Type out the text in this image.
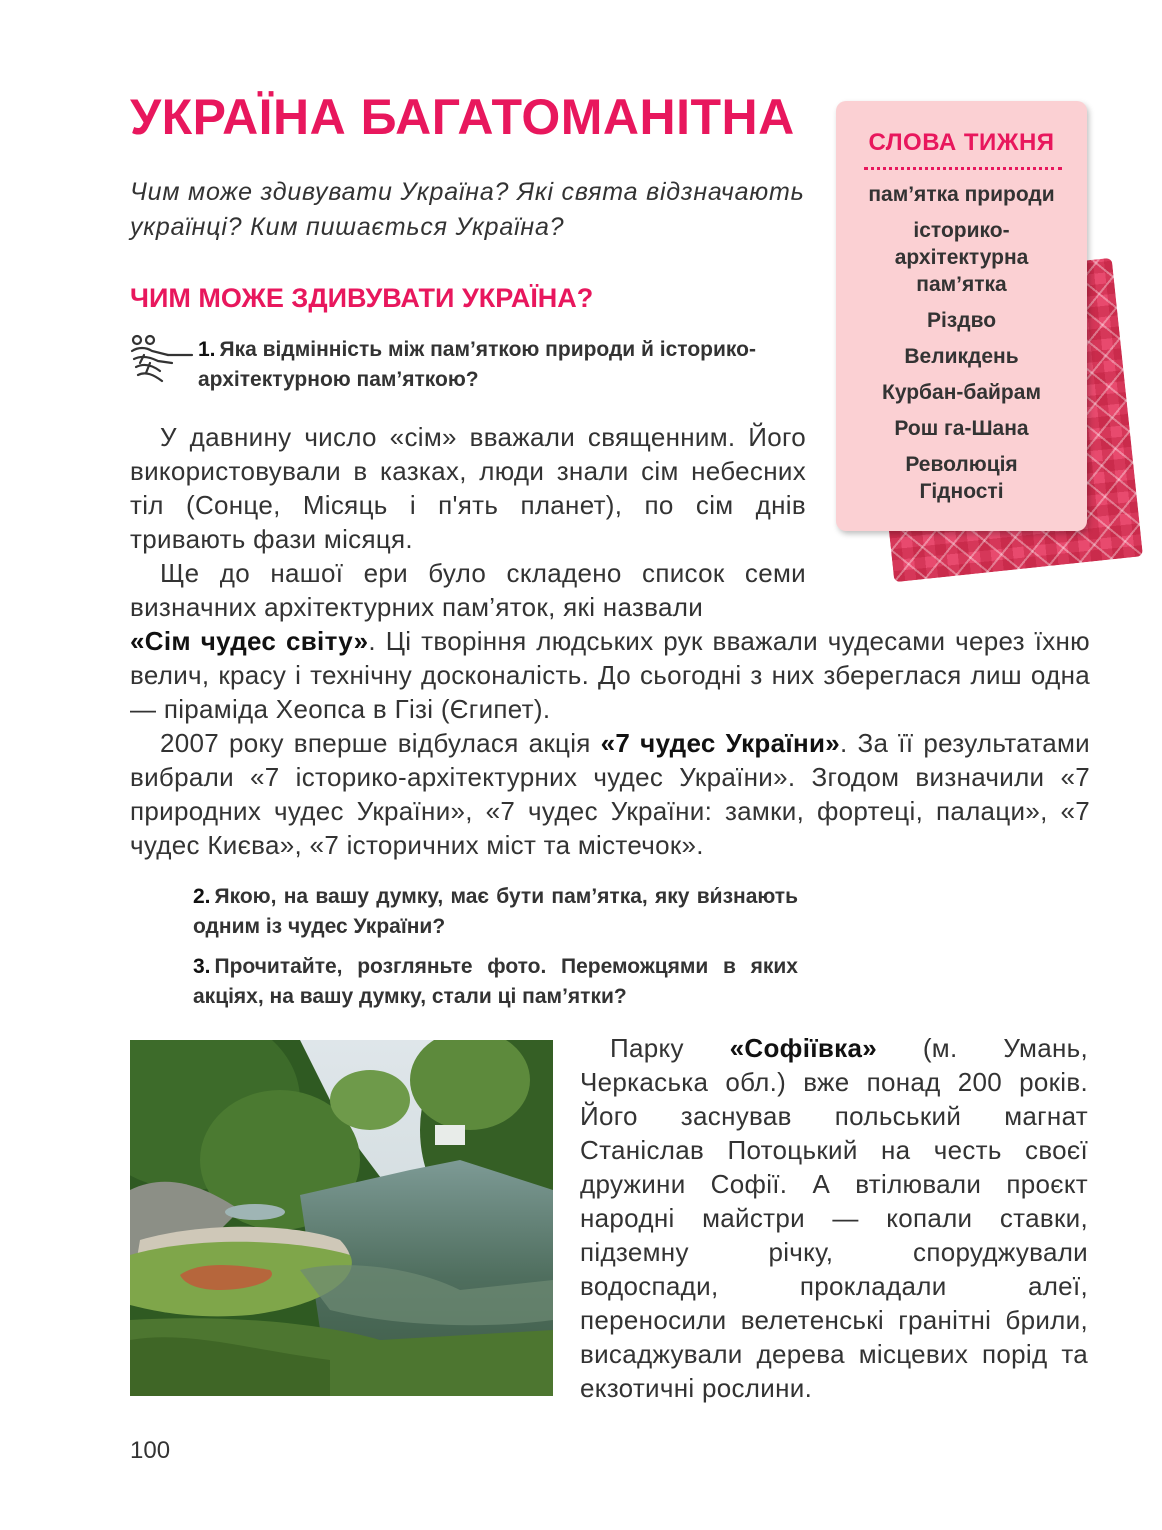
УКРАЇНА БАГАТОМАНІТНА
Чим може здивувати Україна? Які свята відзначають українці? Ким пишається Україна?
ЧИМ МОЖЕ ЗДИВУВАТИ УКРАЇНА?
1. Яка відмінність між пам’яткою природи й історико-архітектурною пам’яткою?
У давнину число «сім» вважали священним. Його використовували в казках, люди знали сім небесних тіл (Сонце, Місяць і п'ять планет), по сім днів тривають фази місяця.
Ще до нашої ери було складено список семи визначних архітектурних пам’яток, які назвали
«Сім чудес світу». Ці творіння людських рук вважали чудесами через їхню велич, красу і технічну досконалість. До сьогодні з них збереглася лиш одна — піраміда Хеопса в Гізі (Єгипет).
2007 року вперше відбулася акція «7 чудес України». За її результатами вибрали «7 історико-архітектурних чудес України». Згодом визначили «7 природних чудес України», «7 чудес України: замки, фортеці, палаци», «7 чудес Києва», «7 історичних міст та містечок».
2. Якою, на вашу думку, має бути пам’ятка, яку ви́знають одним із чудес України?
3. Прочитайте, розгляньте фото. Переможцями в яких акціях, на вашу думку, стали ці пам’ятки?
Парку «Софіївка» (м. Умань, Черкаська обл.) вже понад 200 років. Його заснував польський магнат Станіслав Потоцький на честь своєї дружини Софії. А втілювали проєкт народні майстри — копали ставки, підземну річку, споруджували водоспади, прокладали алеї, переносили велетенські гранітні брили, висаджували дерева місцевих порід та екзотичні рослини.
СЛОВА ТИЖНЯ
пам’ятка природи
історико-архітектурна пам’ятка
Різдво
Великдень
Курбан-байрам
Рош га-Шана
Революція Гідності
100
